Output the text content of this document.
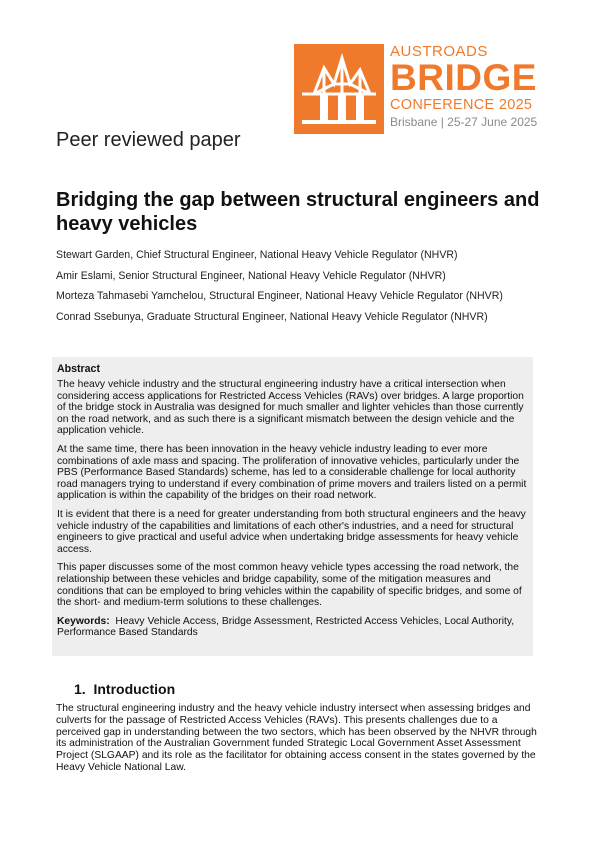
AUSTROADS
BRIDGE
CONFERENCE 2025
Brisbane | 25-27 June 2025
Peer reviewed paper
Bridging the gap between structural engineers and heavy vehicles
Stewart Garden, Chief Structural Engineer, National Heavy Vehicle Regulator (NHVR)
Amir Eslami, Senior Structural Engineer, National Heavy Vehicle Regulator (NHVR)
Morteza Tahmasebi Yamchelou, Structural Engineer, National Heavy Vehicle Regulator (NHVR)
Conrad Ssebunya, Graduate Structural Engineer, National Heavy Vehicle Regulator (NHVR)
Abstract

The heavy vehicle industry and the structural engineering industry have a critical intersection when considering access applications for Restricted Access Vehicles (RAVs) over bridges. A large proportion of the bridge stock in Australia was designed for much smaller and lighter vehicles than those currently on the road network, and as such there is a significant mismatch between the design vehicle and the application vehicle.

At the same time, there has been innovation in the heavy vehicle industry leading to ever more combinations of axle mass and spacing. The proliferation of innovative vehicles, particularly under the PBS (Performance Based Standards) scheme, has led to a considerable challenge for local authority road managers trying to understand if every combination of prime movers and trailers listed on a permit application is within the capability of the bridges on their road network.

It is evident that there is a need for greater understanding from both structural engineers and the heavy vehicle industry of the capabilities and limitations of each other's industries, and a need for structural engineers to give practical and useful advice when undertaking bridge assessments for heavy vehicle access.

This paper discusses some of the most common heavy vehicle types accessing the road network, the relationship between these vehicles and bridge capability, some of the mitigation measures and conditions that can be employed to bring vehicles within the capability of specific bridges, and some of the short- and medium-term solutions to these challenges.

Keywords: Heavy Vehicle Access, Bridge Assessment, Restricted Access Vehicles, Local Authority, Performance Based Standards
1. Introduction
The structural engineering industry and the heavy vehicle industry intersect when assessing bridges and culverts for the passage of Restricted Access Vehicles (RAVs). This presents challenges due to a perceived gap in understanding between the two sectors, which has been observed by the NHVR through its administration of the Australian Government funded Strategic Local Government Asset Assessment Project (SLGAAP) and its role as the facilitator for obtaining access consent in the states governed by the Heavy Vehicle National Law.
